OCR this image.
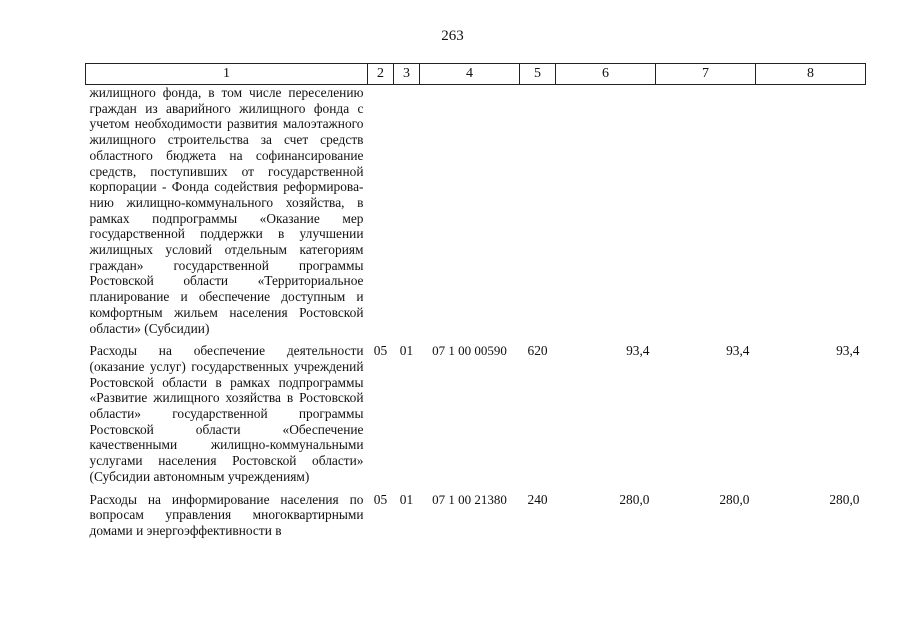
263
1	2	3	4	5	6	7	8
жилищного фонда, в том числе переселению граждан из аварийного жилищного фонда с учетом необходимости развития малоэтажного жилищного строительства за счет средств областного бюджета на софинансирование средств, поступивших от государственной корпорации - Фонда содействия реформированию жилищно-коммунального хозяйства, в рамках подпрограммы «Оказание мер государственной поддержки в улучшении жилищных условий отдельным категориям граждан» государственной программы Ростовской области «Территориальное планирование и обеспечение доступным и комфортным жильем населения Ростовской области» (Субсидии)							
Расходы на обеспечение деятельности (оказание услуг) государственных учреждений Ростовской области в рамках подпрограммы «Развитие жилищного хозяйства в Ростовской области» государственной программы Ростовской области «Обеспечение качественными жилищно-коммунальными услугами населения Ростовской области» (Субсидии автономным учреждениям)	05	01	07 1 00 00590	620	93,4	93,4	93,4
Расходы на информирование населения по вопросам управления многоквартирными домами и энергоэффективности в	05	01	07 1 00 21380	240	280,0	280,0	280,0
